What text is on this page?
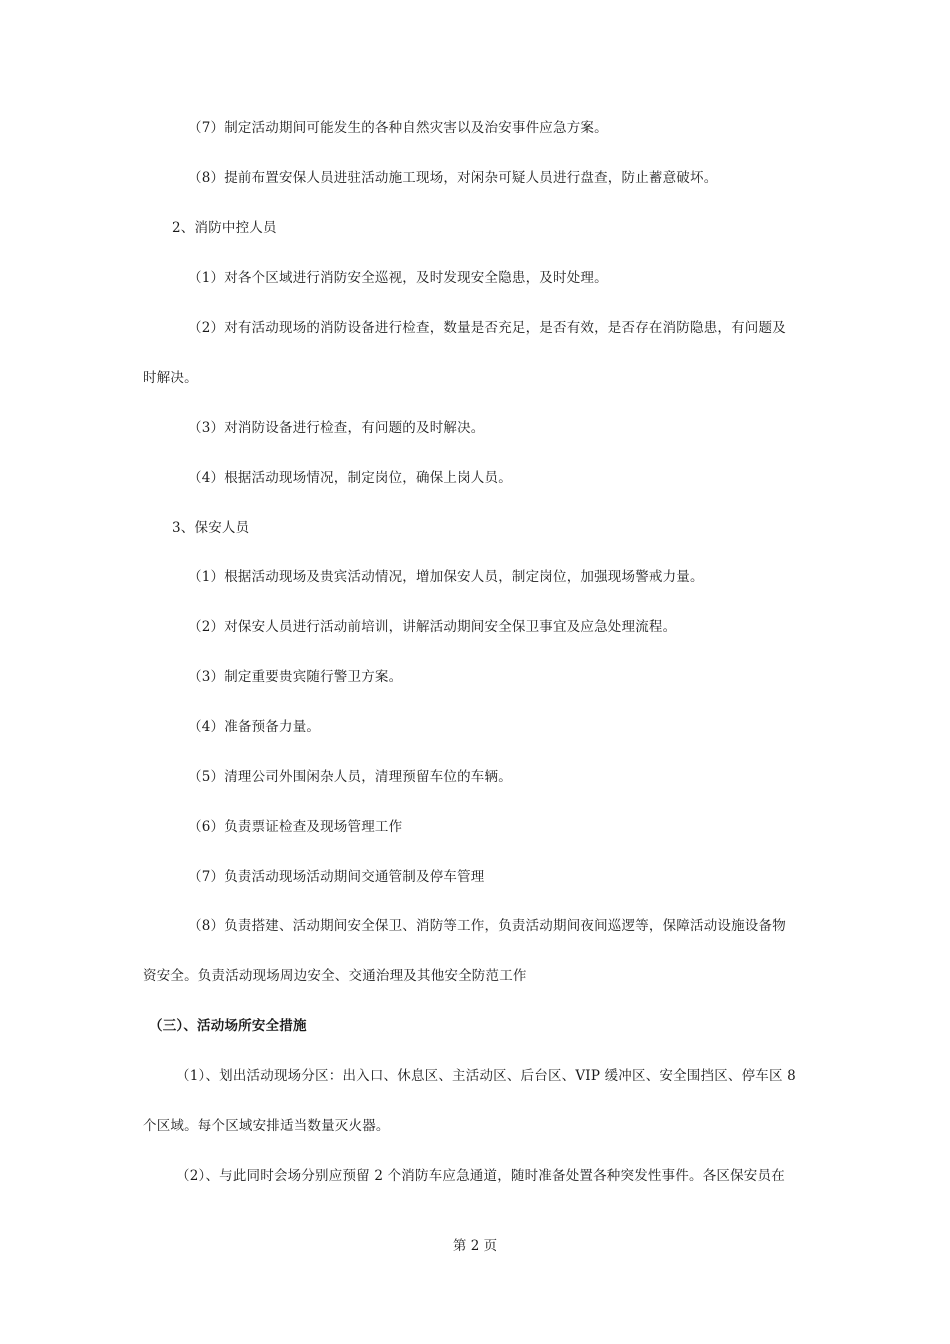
（7）制定活动期间可能发生的各种自然灾害以及治安事件应急方案。
（8）提前布置安保人员进驻活动施工现场，对闲杂可疑人员进行盘查，防止蓄意破坏。
2、消防中控人员
（1）对各个区域进行消防安全巡视，及时发现安全隐患，及时处理。
（2）对有活动现场的消防设备进行检查，数量是否充足，是否有效，是否存在消防隐患，有问题及
时解决。
（3）对消防设备进行检查，有问题的及时解决。
（4）根据活动现场情况，制定岗位，确保上岗人员。
3、保安人员
（1）根据活动现场及贵宾活动情况，增加保安人员，制定岗位，加强现场警戒力量。
（2）对保安人员进行活动前培训，讲解活动期间安全保卫事宜及应急处理流程。
（3）制定重要贵宾随行警卫方案。
（4）准备预备力量。
（5）清理公司外围闲杂人员，清理预留车位的车辆。
（6）负责票证检查及现场管理工作
（7）负责活动现场活动期间交通管制及停车管理
（8）负责搭建、活动期间安全保卫、消防等工作，负责活动期间夜间巡逻等，保障活动设施设备物
资安全。负责活动现场周边安全、交通治理及其他安全防范工作
（三）、活动场所安全措施
（1）、划出活动现场分区：出入口、休息区、主活动区、后台区、VIP 缓冲区、安全围挡区、停车区 8
个区域。每个区域安排适当数量灭火器。
（2）、与此同时会场分别应预留 2 个消防车应急通道，随时准备处置各种突发性事件。各区保安员在
第 2 页
